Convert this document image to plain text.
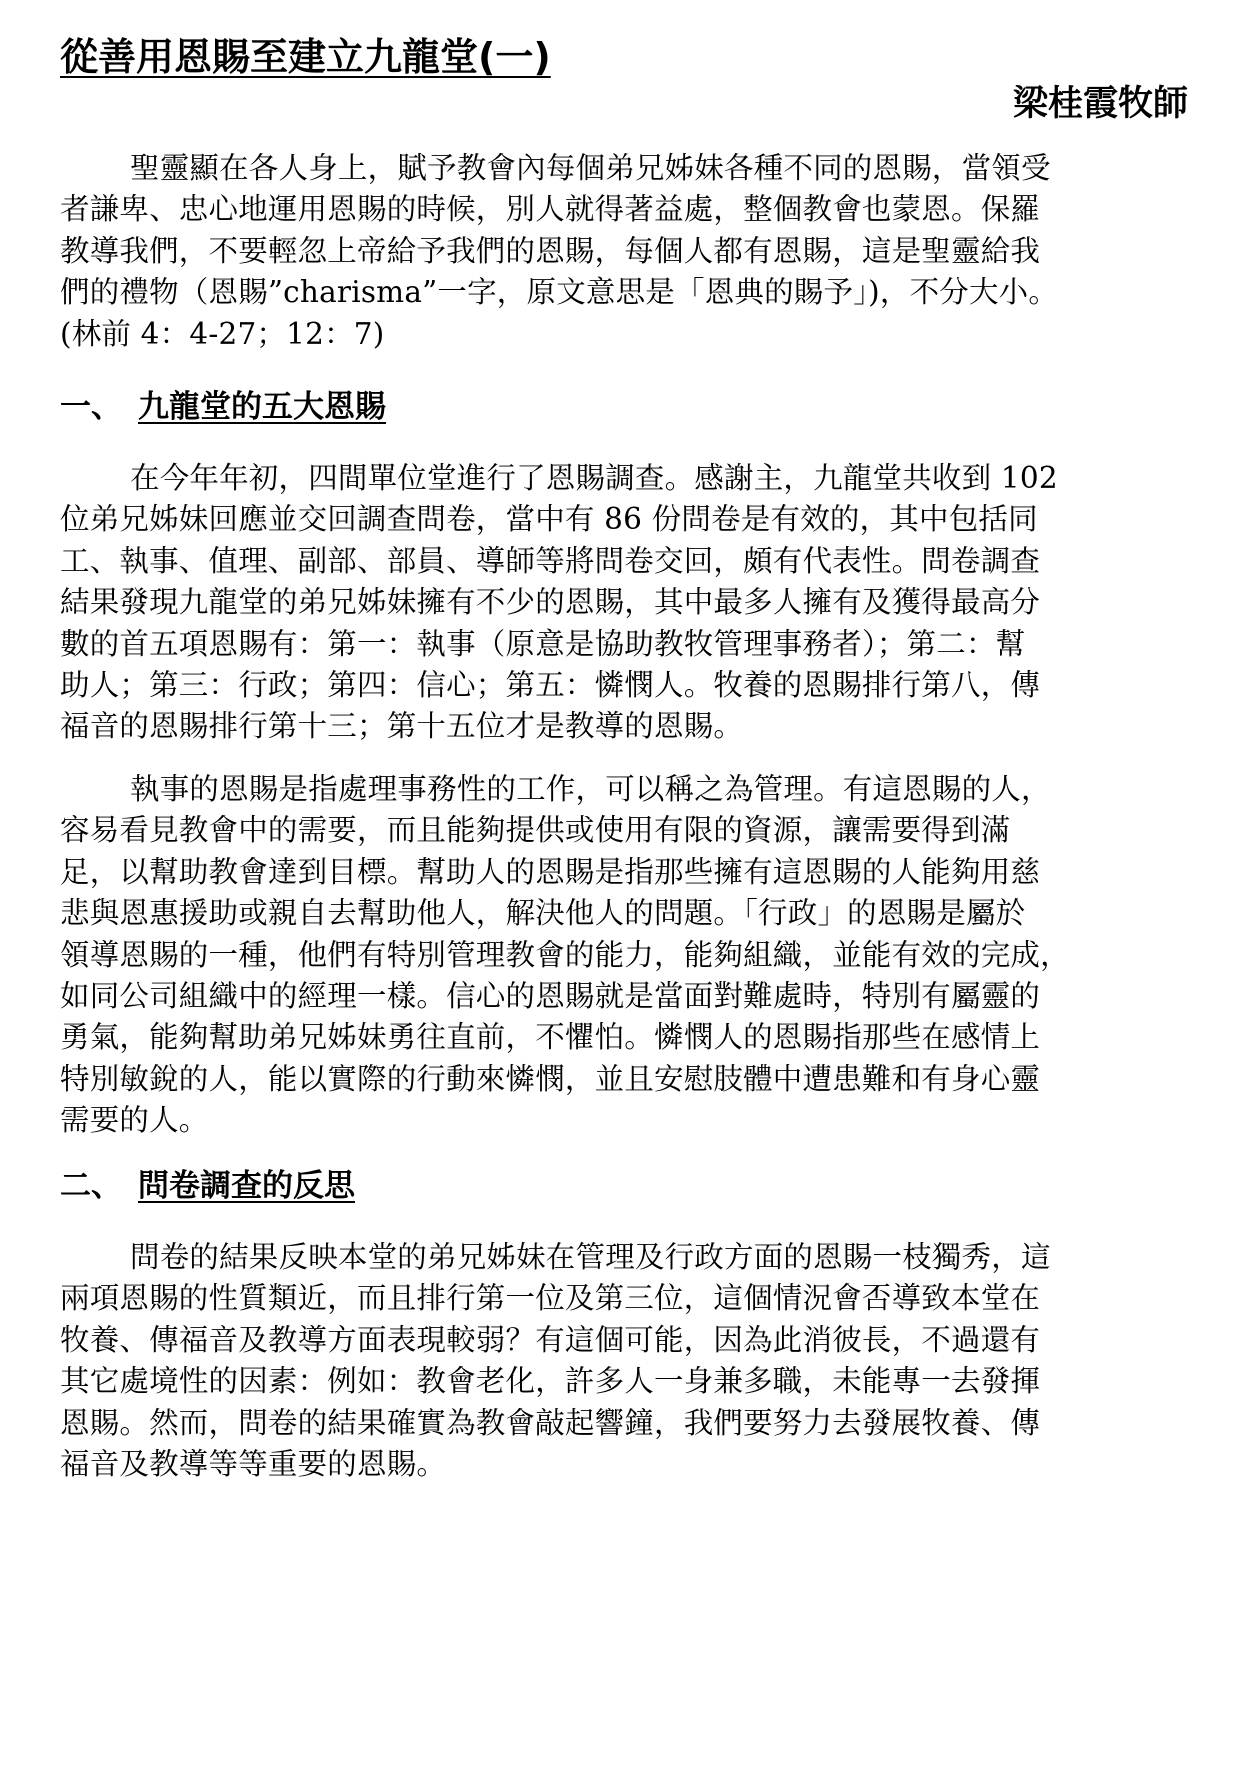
從善用恩賜至建立九龍堂(一)
梁桂霞牧師
聖靈顯在各人身上，賦予教會內每個弟兄姊妹各種不同的恩賜，當領受
者謙卑、忠心地運用恩賜的時候，別人就得著益處，整個教會也蒙恩。保羅
教導我們，不要輕忽上帝給予我們的恩賜，每個人都有恩賜，這是聖靈給我
們的禮物（恩賜”charisma”一字，原文意思是「恩典的賜予」)，不分大小。
(林前 4：4-27；12：7)
一、 九龍堂的五大恩賜
在今年年初，四間單位堂進行了恩賜調查。感謝主，九龍堂共收到 102
位弟兄姊妹回應並交回調查問卷，當中有 86 份問卷是有效的，其中包括同
工、執事、值理、副部、部員、導師等將問卷交回，頗有代表性。問卷調查
結果發現九龍堂的弟兄姊妹擁有不少的恩賜，其中最多人擁有及獲得最高分
數的首五項恩賜有：第一：執事（原意是協助教牧管理事務者）；第二：幫
助人；第三：行政；第四：信心；第五：憐憫人。牧養的恩賜排行第八，傳
福音的恩賜排行第十三；第十五位才是教導的恩賜。
執事的恩賜是指處理事務性的工作，可以稱之為管理。有這恩賜的人，
容易看見教會中的需要，而且能夠提供或使用有限的資源，讓需要得到滿
足，以幫助教會達到目標。幫助人的恩賜是指那些擁有這恩賜的人能夠用慈
悲與恩惠援助或親自去幫助他人，解決他人的問題。「行政」的恩賜是屬於
領導恩賜的一種，他們有特別管理教會的能力，能夠組織，並能有效的完成，
如同公司組織中的經理一樣。信心的恩賜就是當面對難處時，特別有屬靈的
勇氣，能夠幫助弟兄姊妹勇往直前，不懼怕。憐憫人的恩賜指那些在感情上
特別敏銳的人，能以實際的行動來憐憫，並且安慰肢體中遭患難和有身心靈
需要的人。
二、 問卷調查的反思
問卷的結果反映本堂的弟兄姊妹在管理及行政方面的恩賜一枝獨秀，這
兩項恩賜的性質類近，而且排行第一位及第三位，這個情況會否導致本堂在
牧養、傳福音及教導方面表現較弱？有這個可能，因為此消彼長，不過還有
其它處境性的因素：例如：教會老化，許多人一身兼多職，未能專一去發揮
恩賜。然而，問卷的結果確實為教會敲起響鐘，我們要努力去發展牧養、傳
福音及教導等等重要的恩賜。
